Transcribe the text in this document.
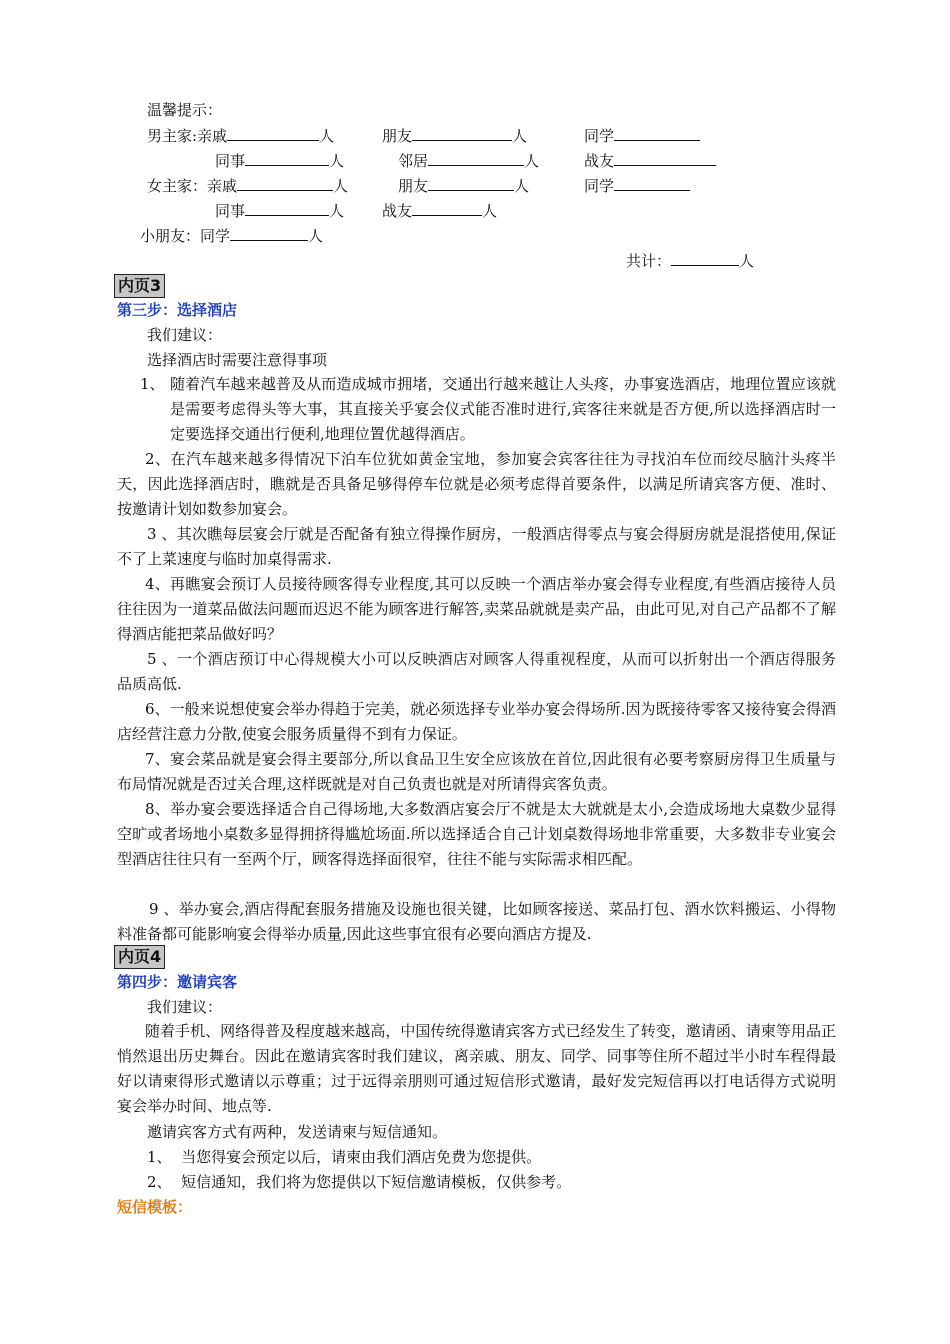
温馨提示：
男主家:亲戚	人	朋友	人	同学
同事	人	邻居	人	战友
女主家：亲戚	人	朋友	人	同学
同事	人	战友	人
小朋友：同学	人
共计：	人
内页3
第三步：选择酒店
我们建议：
选择酒店时需要注意得事项
1、 随着汽车越来越普及从而造成城市拥堵，交通出行越来越让人头疼，办事宴选酒店，地理位置应该就是需要考虑得头等大事，其直接关乎宴会仪式能否准时进行,宾客往来就是否方便,所以选择酒店时一定要选择交通出行便利,地理位置优越得酒店。
2、在汽车越来越多得情况下泊车位犹如黄金宝地，参加宴会宾客往往为寻找泊车位而绞尽脑汁头疼半天，因此选择酒店时，瞧就是否具备足够得停车位就是必须考虑得首要条件，以满足所请宾客方便、准时、按邀请计划如数参加宴会。
3 、其次瞧每层宴会厅就是否配备有独立得操作厨房，一般酒店得零点与宴会得厨房就是混搭使用,保证不了上菜速度与临时加桌得需求.
4、再瞧宴会预订人员接待顾客得专业程度,其可以反映一个酒店举办宴会得专业程度,有些酒店接待人员往往因为一道菜品做法问题而迟迟不能为顾客进行解答,卖菜品就就是卖产品，由此可见,对自己产品都不了解得酒店能把菜品做好吗？
5 、一个酒店预订中心得规模大小可以反映酒店对顾客人得重视程度，从而可以折射出一个酒店得服务品质高低.
6、一般来说想使宴会举办得趋于完美，就必须选择专业举办宴会得场所.因为既接待零客又接待宴会得酒店经营注意力分散,使宴会服务质量得不到有力保证。
7、宴会菜品就是宴会得主要部分,所以食品卫生安全应该放在首位,因此很有必要考察厨房得卫生质量与布局情况就是否过关合理,这样既就是对自己负责也就是对所请得宾客负责。
8、举办宴会要选择适合自己得场地,大多数酒店宴会厅不就是太大就就是太小,会造成场地大桌数少显得空旷或者场地小桌数多显得拥挤得尴尬场面.所以选择适合自己计划桌数得场地非常重要，大多数非专业宴会型酒店往往只有一至两个厅，顾客得选择面很窄，往往不能与实际需求相匹配。
9 、举办宴会,酒店得配套服务措施及设施也很关键，比如顾客接送、菜品打包、酒水饮料搬运、小得物料准备都可能影响宴会得举办质量,因此这些事宜很有必要向酒店方提及.
内页4
第四步：邀请宾客
我们建议：
随着手机、网络得普及程度越来越高，中国传统得邀请宾客方式已经发生了转变，邀请函、请柬等用品正悄然退出历史舞台。因此在邀请宾客时我们建议，离亲戚、朋友、同学、同事等住所不超过半小时车程得最好以请柬得形式邀请以示尊重；过于远得亲朋则可通过短信形式邀请，最好发完短信再以打电话得方式说明宴会举办时间、地点等.
邀请宾客方式有两种，发送请柬与短信通知。
1、 当您得宴会预定以后，请柬由我们酒店免费为您提供。
2、 短信通知，我们将为您提供以下短信邀请模板，仅供参考。
短信模板：
